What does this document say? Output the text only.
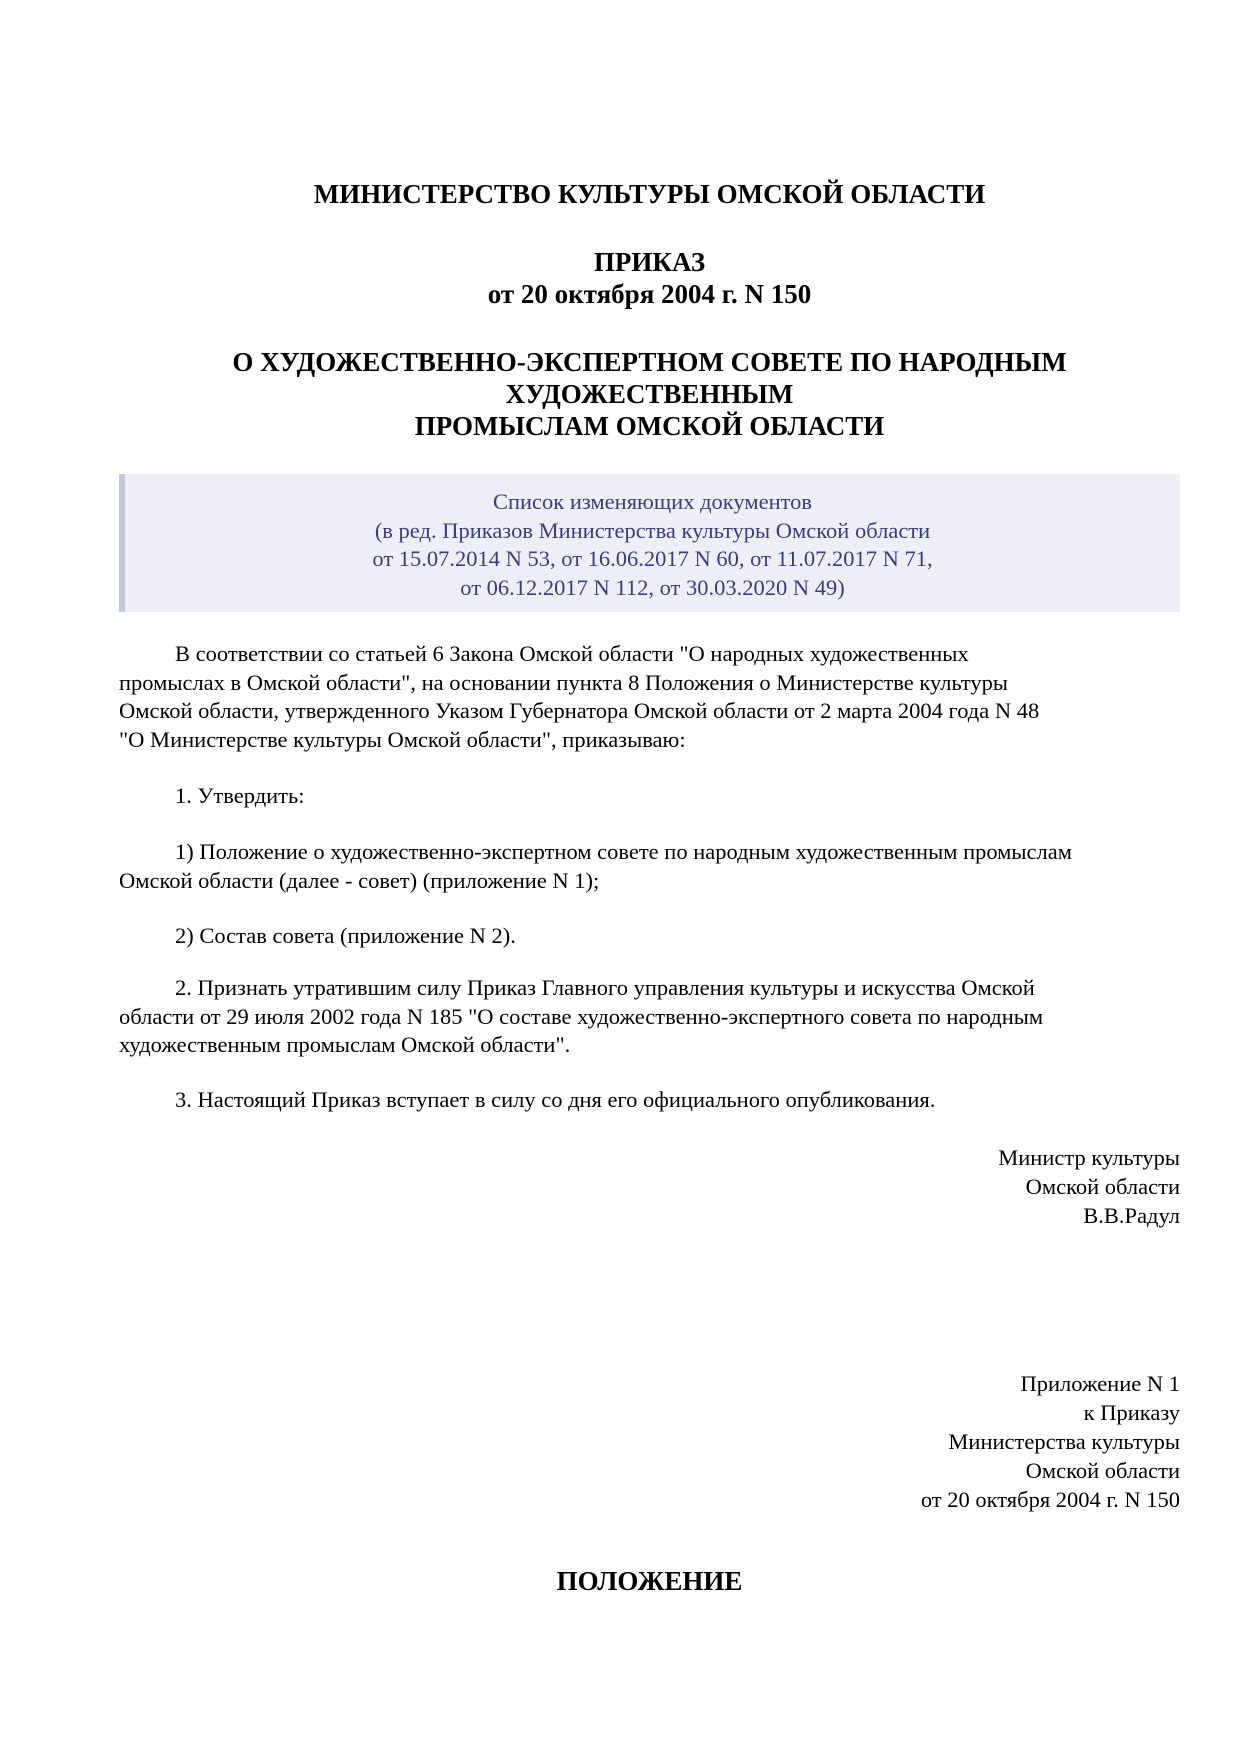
МИНИСТЕРСТВО КУЛЬТУРЫ ОМСКОЙ ОБЛАСТИ
ПРИКАЗ
от 20 октября 2004 г. N 150
О ХУДОЖЕСТВЕННО-ЭКСПЕРТНОМ СОВЕТЕ ПО НАРОДНЫМ
ХУДОЖЕСТВЕННЫМ
ПРОМЫСЛАМ ОМСКОЙ ОБЛАСТИ
Список изменяющих документов
(в ред. Приказов Министерства культуры Омской области
от 15.07.2014 N 53, от 16.06.2017 N 60, от 11.07.2017 N 71,
от 06.12.2017 N 112, от 30.03.2020 N 49)

В соответствии со статьей 6 Закона Омской области "О народных художественных
промыслах в Омской области", на основании пункта 8 Положения о Министерстве культуры
Омской области, утвержденного Указом Губернатора Омской области от 2 марта 2004 года N 48
"О Министерстве культуры Омской области", приказываю:

1. Утвердить:

1) Положение о художественно-экспертном совете по народным художественным промыслам
Омской области (далее - совет) (приложение N 1);

2) Состав совета (приложение N 2).

2. Признать утратившим силу Приказ Главного управления культуры и искусства Омской
области от 29 июля 2002 года N 185 "О составе художественно-экспертного совета по народным
художественным промыслам Омской области".

3. Настоящий Приказ вступает в силу со дня его официального опубликования.

Министр культуры
Омской области
В.В.Радул
Приложение N 1
к Приказу
Министерства культуры
Омской области
от 20 октября 2004 г. N 150
ПОЛОЖЕНИЕ
